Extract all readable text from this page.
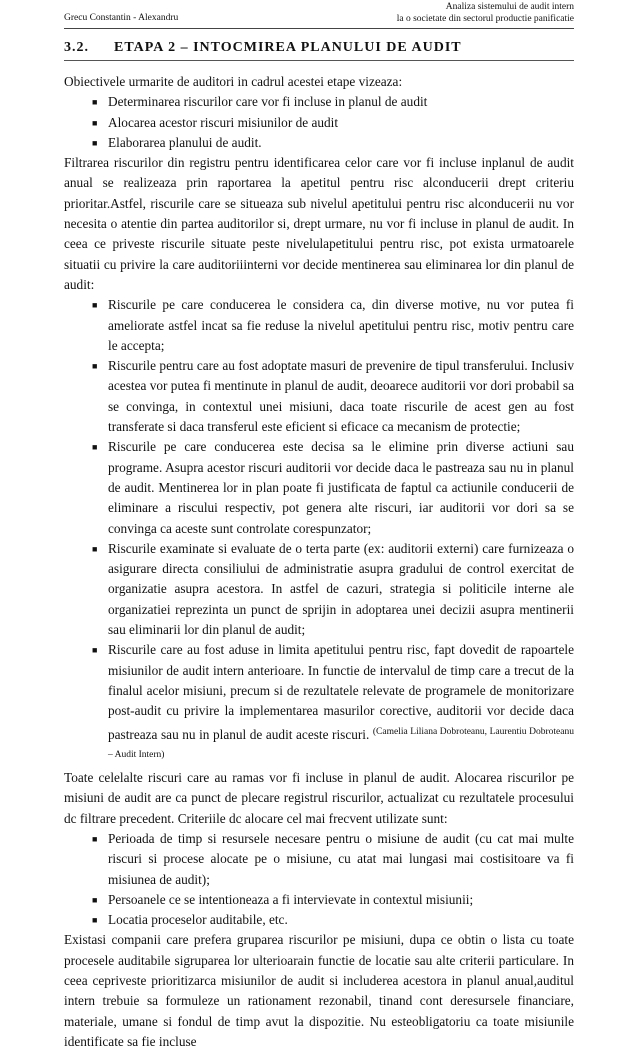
Grecu Constantin - Alexandru
Analiza sistemului de audit intern
la o societate din sectorul productie panificatie
3.2. ETAPA 2 – INTOCMIREA PLANULUI DE AUDIT

Obiectivele urmarite de auditori in cadrul acestei etape vizeaza:

■ Determinarea riscurilor care vor fi incluse in planul de audit
■ Alocarea acestor riscuri misiunilor de audit
■ Elaborarea planului de audit.

Filtrarea riscurilor din registru pentru identificarea celor care vor fi incluse inplanul de audit anual se realizeaza prin raportarea la apetitul pentru risc alconducerii drept criteriu prioritar.Astfel, riscurile care se situeaza sub nivelul apetitului pentru risc alconducerii nu vor necesita o atentie din partea auditorilor si, drept urmare, nu vor fi incluse in planul de audit. In ceea ce priveste riscurile situate peste nivelulapetitului pentru risc, pot exista urmatoarele situatii cu privire la care auditoriiinterni vor decide mentinerea sau eliminarea lor din planul de audit:

■ Riscurile pe care conducerea le considera ca, din diverse motive, nu vor putea fi ameliorate astfel incat sa fie reduse la nivelul apetitului pentru risc, motiv pentru care le accepta;
■ Riscurile pentru care au fost adoptate masuri de prevenire de tipul transferului. Inclusiv acestea vor putea fi mentinute in planul de audit, deoarece auditorii vor dori probabil sa se convinga, in contextul unei misiuni, daca toate riscurile de acest gen au fost transferate si daca transferul este eficient si eficace ca mecanism de protectie;
■ Riscurile pe care conducerea este decisa sa le elimine prin diverse actiuni sau programe. Asupra acestor riscuri auditorii vor decide daca le pastreaza sau nu in planul de audit. Mentinerea lor in plan poate fi justificata de faptul ca actiunile conducerii de eliminare a riscului respectiv, pot genera alte riscuri, iar auditorii vor dori sa se convinga ca aceste sunt controlate corespunzator;
■ Riscurile examinate si evaluate de o terta parte (ex: auditorii externi) care furnizeaza o asigurare directa consiliului de administratie asupra gradului de control exercitat de organizatie asupra acestora. In astfel de cazuri, strategia si politicile interne ale organizatiei reprezinta un punct de sprijin in adoptarea unei decizii asupra mentinerii sau eliminarii lor din planul de audit;
■ Riscurile care au fost aduse in limita apetitului pentru risc, fapt dovedit de rapoartele misiunilor de audit intern anterioare. In functie de intervalul de timp care a trecut de la finalul acelor misiuni, precum si de rezultatele relevate de programele de monitorizare post-audit cu privire la implementarea masurilor corective, auditorii vor decide daca pastreaza sau nu in planul de audit aceste riscuri. $^{(Camelia Liliana Dobroteanu, Laurentiu Dobroteanu - Audit Intern)}$

Toate celelalte riscuri care au ramas vor fi incluse in planul de audit. Alocarea riscurilor pe misiuni de audit are ca punct de plecare registrul riscurilor, actualizat cu rezultatele procesului dc filtrare precedent. Criteriile dc alocare cel mai frecvent utilizate sunt:

■ Perioada de timp si resursele necesare pentru o misiune de audit (cu cat mai multe riscuri si procese alocate pe o misiune, cu atat mai lungasi mai costisitoare va fi misiunea de audit);
■ Persoanele ce se intentioneaza a fi intervievate in contextul misiunii;
■ Locatia proceselor auditabile, etc.

Existasi companii care prefera gruparea riscurilor pe misiuni, dupa ce obtin o lista cu toate procesele auditabile sigruparea lor ulterioarain functie de locatie sau alte criterii particulare. In ceea cepriveste prioritizarca misiunilor de audit si includerea acestora in planul anual,auditul intern trebuie sa formuleze un rationament rezonabil, tinand cont deresursele financiare, materiale, umane si fondul de timp avut la dispozitie. Nu esteobligatoriu ca toate misiunile identificate sa fie incluse
